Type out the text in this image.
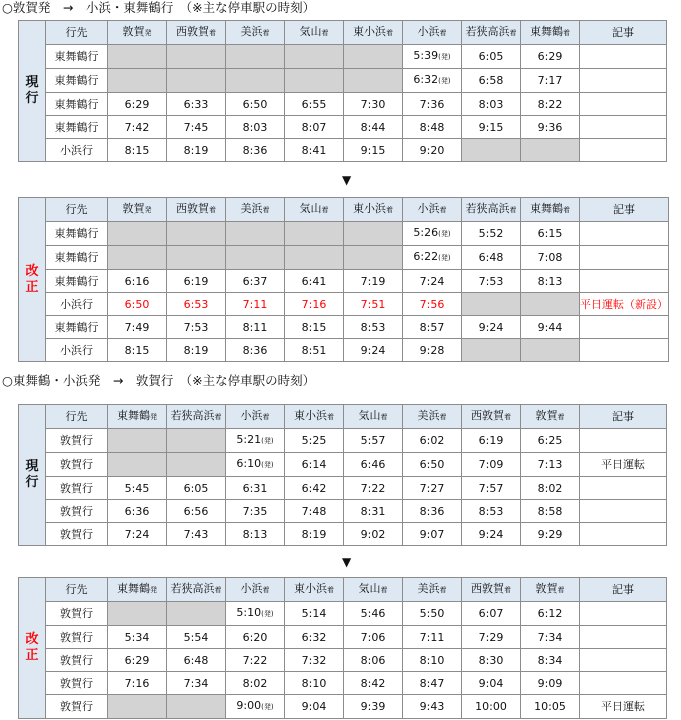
○敦賀発　→　小浜・東舞鶴行　（※主な停車駅の時刻）
現
行	行先	敦賀発	西敦賀着	美浜着	気山着	東小浜着	小浜着	若狭高浜着	東舞鶴着	記事
	東舞鶴行						5:39(発)	6:05	6:29	
	東舞鶴行						6:32(発)	6:58	7:17	
	東舞鶴行	6:29	6:33	6:50	6:55	7:30	7:36	8:03	8:22	
	東舞鶴行	7:42	7:45	8:03	8:07	8:44	8:48	9:15	9:36	
	小浜行	8:15	8:19	8:36	8:41	9:15	9:20			
▼
改
正	行先	敦賀発	西敦賀着	美浜着	気山着	東小浜着	小浜着	若狭高浜着	東舞鶴着	記事
	東舞鶴行						5:26(発)	5:52	6:15	
	東舞鶴行						6:22(発)	6:48	7:08	
	東舞鶴行	6:16	6:19	6:37	6:41	7:19	7:24	7:53	8:13	
	小浜行	6:50	6:53	7:11	7:16	7:51	7:56			平日運転（新設）
	東舞鶴行	7:49	7:53	8:11	8:15	8:53	8:57	9:24	9:44	
	小浜行	8:15	8:19	8:36	8:51	9:24	9:28			
○東舞鶴・小浜発　→　敦賀行　（※主な停車駅の時刻）
現
行	行先	東舞鶴発	若狭高浜着	小浜着	東小浜着	気山着	美浜着	西敦賀着	敦賀着	記事
	敦賀行			5:21(発)	5:25	5:57	6:02	6:19	6:25	
	敦賀行			6:10(発)	6:14	6:46	6:50	7:09	7:13	平日運転
	敦賀行	5:45	6:05	6:31	6:42	7:22	7:27	7:57	8:02	
	敦賀行	6:36	6:56	7:35	7:48	8:31	8:36	8:53	8:58	
	敦賀行	7:24	7:43	8:13	8:19	9:02	9:07	9:24	9:29	
▼
改
正	行先	東舞鶴発	若狭高浜着	小浜着	東小浜着	気山着	美浜着	西敦賀着	敦賀着	記事
	敦賀行			5:10(発)	5:14	5:46	5:50	6:07	6:12	
	敦賀行	5:34	5:54	6:20	6:32	7:06	7:11	7:29	7:34	
	敦賀行	6:29	6:48	7:22	7:32	8:06	8:10	8:30	8:34	
	敦賀行	7:16	7:34	8:02	8:10	8:42	8:47	9:04	9:09	
	敦賀行			9:00(発)	9:04	9:39	9:43	10:00	10:05	平日運転
